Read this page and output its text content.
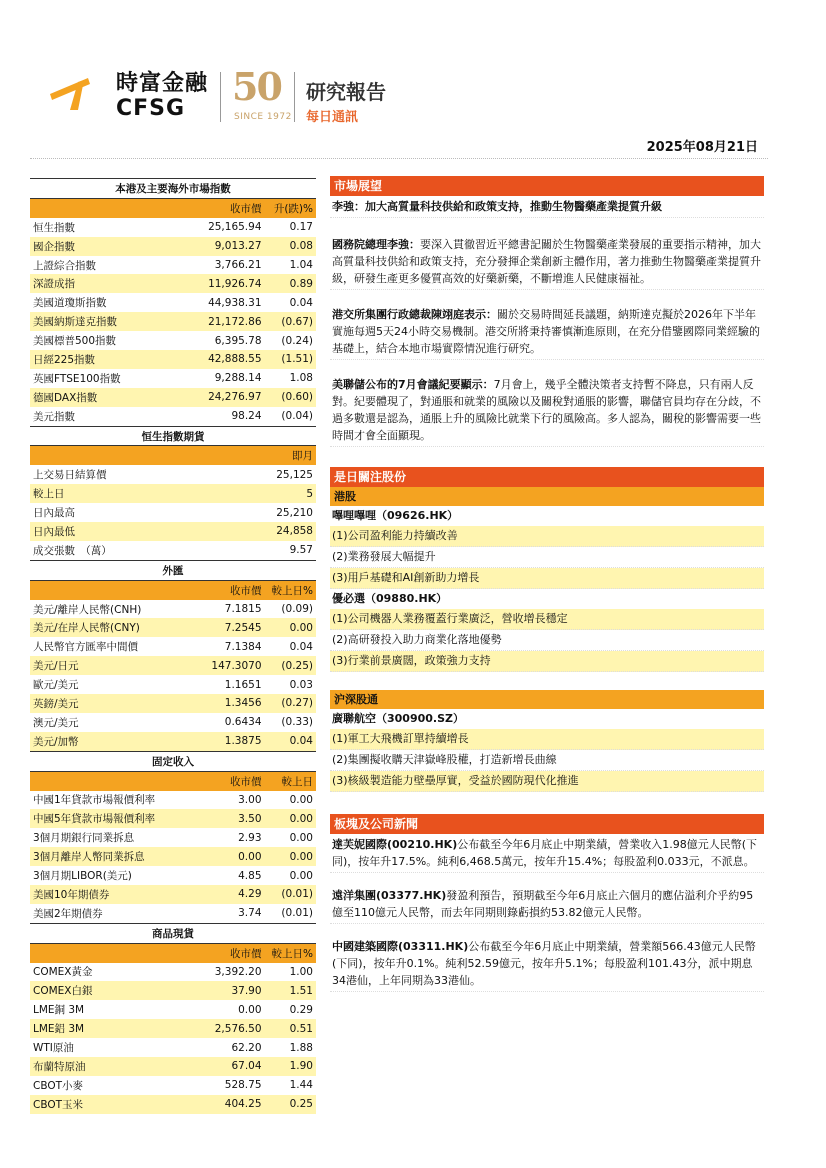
時富金融
CFSG 50
SINCE 1972
研究報告
每日通訊
2025年08月21日
本港及主要海外市場指數		
	收市價	升(跌)%
恒生指數	25,165.94	0.17
國企指數	9,013.27	0.08
上證綜合指數	3,766.21	1.04
深證成指	11,926.74	0.89
美國道瓊斯指數	44,938.31	0.04
美國納斯達克指數	21,172.86	(0.67)
美國標普500指數	6,395.78	(0.24)
日經225指數	42,888.55	(1.51)
英國FTSE100指數	9,288.14	1.08
德國DAX指數	24,276.97	(0.60)
美元指數	98.24	(0.04)
恒生指數期貨		
		即月
上交易日結算價		25,125
較上日		5
日內最高		25,210
日內最低		24,858
成交張數　（萬）		9.57
外匯		
	收市價	較上日%
美元/離岸人民幣(CNH)	7.1815	(0.09)
美元/在岸人民幣(CNY)	7.2545	0.00
人民幣官方匯率中間價	7.1384	0.04
美元/日元	147.3070	(0.25)
歐元/美元	1.1651	0.03
英鎊/美元	1.3456	(0.27)
澳元/美元	0.6434	(0.33)
美元/加幣	1.3875	0.04
固定收入		
	收市價	較上日
中國1年貸款市場報價利率	3.00	0.00
中國5年貸款市場報價利率	3.50	0.00
3個月期銀行同業拆息	2.93	0.00
3個月離岸人幣同業拆息	0.00	0.00
3個月期LIBOR(美元)	4.85	0.00
美國10年期債券	4.29	(0.01)
美國2年期債券	3.74	(0.01)
商品現貨		
	收市價	較上日%
COMEX黃金	3,392.20	1.00
COMEX白銀	37.90	1.51
LME銅 3M	0.00	0.29
LME鋁 3M	2,576.50	0.51
WTI原油	62.20	1.88
布蘭特原油	67.04	1.90
CBOT小麥	528.75	1.44
CBOT玉米	404.25	0.25
市場展望
李強：加大高質量科技供給和政策支持，推動生物醫藥產業提質升級
國務院總理李強：要深入貫徹習近平總書記關於生物醫藥產業發展的重要指示精神，加大高質量科技供給和政策支持，充分發揮企業創新主體作用，著力推動生物醫藥產業提質升級，研發生產更多優質高效的好藥新藥，不斷增進人民健康福祉。
港交所集團行政總裁陳翊庭表示：關於交易時間延長議題，納斯達克擬於2026年下半年實施每週5天24小時交易機制。港交所將秉持審慎漸進原則，在充分借鑒國際同業經驗的基礎上，結合本地市場實際情況進行研究。
美聯儲公布的7月會議紀要顯示：7月會上，幾乎全體決策者支持暫不降息，只有兩人反對。紀要體現了，對通脹和就業的風險以及關稅對通脹的影響，聯儲官員均存在分歧，不過多數還是認為，通脹上升的風險比就業下行的風險高。多人認為，關稅的影響需要一些時間才會全面顯現。
是日關注股份
港股
嗶哩嗶哩（09626.HK）
(1)公司盈利能力持續改善
(2)業務發展大幅提升
(3)用戶基礎和AI創新助力增長
優必選（09880.HK）
(1)公司機器人業務覆蓋行業廣泛，營收增長穩定
(2)高研發投入助力商業化落地優勢
(3)行業前景廣闊，政策強力支持
沪深股通
廣聯航空（300900.SZ）
(1)軍工大飛機訂單持續增長
(2)集團擬收購天津嶽峰股權，打造新增長曲線
(3)核級製造能力壁壘厚實，受益於國防現代化推進
板塊及公司新聞
達芙妮國際(00210.HK)公布截至今年6月底止中期業績，營業收入1.98億元人民幣(下同)，按年升17.5%。純利6,468.5萬元，按年升15.4%；每股盈利0.033元，不派息。
遠洋集團(03377.HK)發盈利預告，預期截至今年6月底止六個月的應佔溢利介乎約95億至110億元人民幣，而去年同期則錄虧損約53.82億元人民幣。
中國建築國際(03311.HK)公布截至今年6月底止中期業績，營業額566.43億元人民幣(下同)，按年升0.1%。純利52.59億元，按年升5.1%；每股盈利101.43分，派中期息34港仙，上年同期為33港仙。
